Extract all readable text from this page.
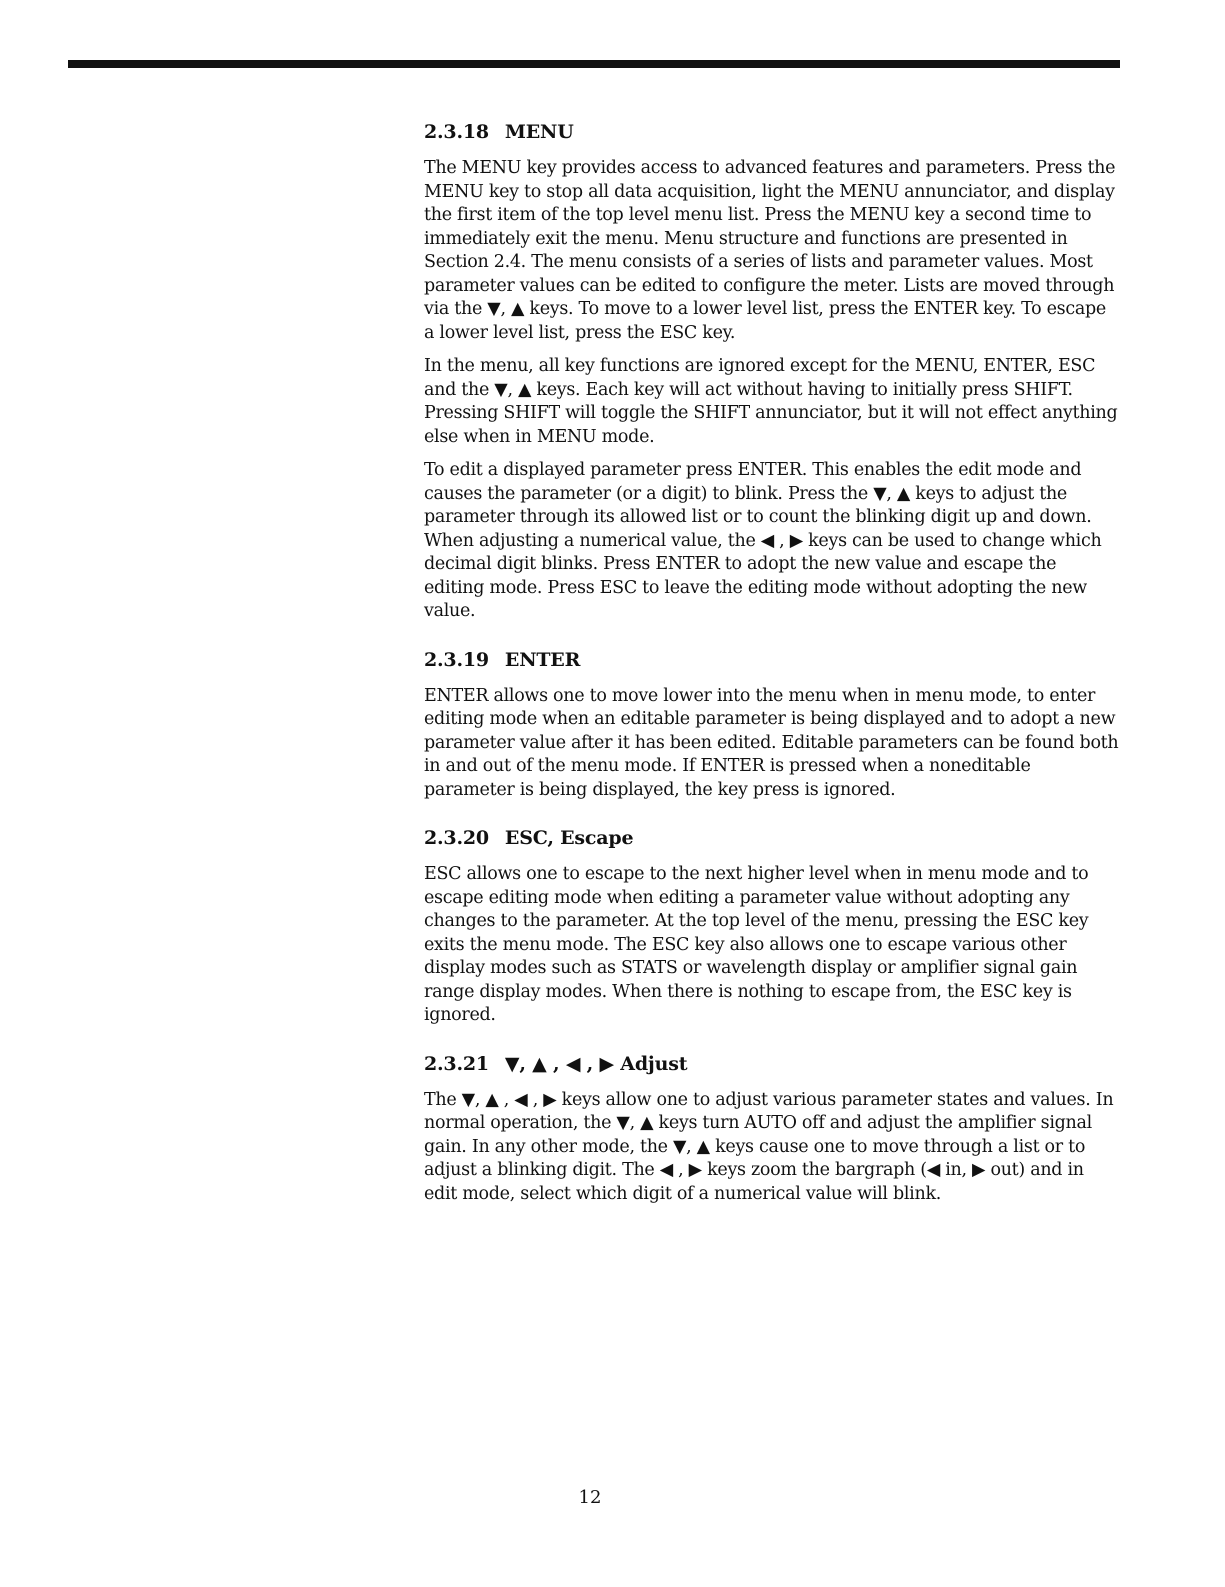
2.3.18 MENU

The MENU key provides access to advanced features and parameters. Press the MENU key to stop all data acquisition, light the MENU annunciator, and display the first item of the top level menu list. Press the MENU key a second time to immediately exit the menu. Menu structure and functions are presented in Section 2.4. The menu consists of a series of lists and parameter values. Most parameter values can be edited to configure the meter. Lists are moved through via the ▼, ▲ keys. To move to a lower level list, press the ENTER key. To escape a lower level list, press the ESC key.

In the menu, all key functions are ignored except for the MENU, ENTER, ESC and the ▼, ▲ keys. Each key will act without having to initially press SHIFT. Pressing SHIFT will toggle the SHIFT annunciator, but it will not effect anything else when in MENU mode.

To edit a displayed parameter press ENTER. This enables the edit mode and causes the parameter (or a digit) to blink. Press the ▼, ▲ keys to adjust the parameter through its allowed list or to count the blinking digit up and down. When adjusting a numerical value, the ◀ , ▶ keys can be used to change which decimal digit blinks. Press ENTER to adopt the new value and escape the editing mode. Press ESC to leave the editing mode without adopting the new value.

2.3.19 ENTER

ENTER allows one to move lower into the menu when in menu mode, to enter editing mode when an editable parameter is being displayed and to adopt a new parameter value after it has been edited. Editable parameters can be found both in and out of the menu mode. If ENTER is pressed when a noneditable parameter is being displayed, the key press is ignored.

2.3.20 ESC, Escape

ESC allows one to escape to the next higher level when in menu mode and to escape editing mode when editing a parameter value without adopting any changes to the parameter. At the top level of the menu, pressing the ESC key exits the menu mode. The ESC key also allows one to escape various other display modes such as STATS or wavelength display or amplifier signal gain range display modes. When there is nothing to escape from, the ESC key is ignored.

2.3.21 ▼, ▲ , ◀ , ▶ Adjust

The ▼, ▲ , ◀ , ▶ keys allow one to adjust various parameter states and values. In normal operation, the ▼, ▲ keys turn AUTO off and adjust the amplifier signal gain. In any other mode, the ▼, ▲ keys cause one to move through a list or to adjust a blinking digit. The ◀ , ▶ keys zoom the bargraph (◀ in, ▶ out) and in edit mode, select which digit of a numerical value will blink.

12
